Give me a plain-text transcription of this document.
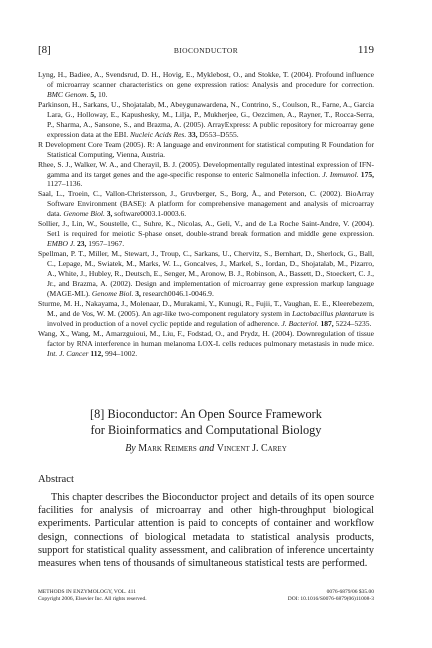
[8]	BIOCONDUCTOR	119

Lyng, H., Badiee, A., Svendsrud, D. H., Hovig, E., Myklebost, O., and Stokke, T. (2004). Profound influence of microarray scanner characteristics on gene expression ratios: Analysis and procedure for correction. BMC Genom. 5, 10.

Parkinson, H., Sarkans, U., Shojatalab, M., Abeygunawardena, N., Contrino, S., Coulson, R., Farne, A., Garcia Lara, G., Holloway, E., Kapushesky, M., Lilja, P., Mukherjee, G., Oezcimen, A., Rayner, T., Rocca-Serra, P., Sharma, A., Sansone, S., and Brazma, A. (2005). ArrayExpress: A public repository for microarray gene expression data at the EBI. Nucleic Acids Res. 33, D553–D555.

R Development Core Team (2005). R: A language and environment for statistical computing R Foundation for Statistical Computing, Vienna, Austria.

Rhee, S. J., Walker, W. A., and Cherayil, B. J. (2005). Developmentally regulated intestinal expression of IFN-gamma and its target genes and the age-specific response to enteric Salmonella infection. J. Immunol. 175, 1127–1136.

Saal, L., Troein, C., Vallon-Christersson, J., Gruvberger, S., Borg, Å., and Peterson, C. (2002). BioArray Software Environment (BASE): A platform for comprehensive management and analysis of microarray data. Genome Biol. 3, software0003.1-0003.6.

Sollier, J., Lin, W., Soustelle, C., Suhre, K., Nicolas, A., Geli, V., and de La Roche Saint-Andre, V. (2004). Set1 is required for meiotic S-phase onset, double-strand break formation and middle gene expression. EMBO J. 23, 1957–1967.

Spellman, P. T., Miller, M., Stewart, J., Troup, C., Sarkans, U., Chervitz, S., Bernhart, D., Sherlock, G., Ball, C., Lepage, M., Swiatek, M., Marks, W. L., Goncalves, J., Markel, S., Iordan, D., Shojatalab, M., Pizarro, A., White, J., Hubley, R., Deutsch, E., Senger, M., Aronow, B. J., Robinson, A., Bassett, D., Stoeckert, C. J., Jr., and Brazma, A. (2002). Design and implementation of microarray gene expression markup language (MAGE-ML). Genome Biol. 3, research0046.1-0046.9.

Sturme, M. H., Nakayama, J., Molenaar, D., Murakami, Y., Kunugi, R., Fujii, T., Vaughan, E. E., Kleerebezem, M., and de Vos, W. M. (2005). An agr-like two-component regulatory system in Lactobacillus plantarum is involved in production of a novel cyclic peptide and regulation of adherence. J. Bacteriol. 187, 5224–5235.

Wang, X., Wang, M., Amarzguioui, M., Liu, F., Fodstad, O., and Prydz, H. (2004). Downregulation of tissue factor by RNA interference in human melanoma LOX-L cells reduces pulmonary metastasis in nude mice. Int. J. Cancer 112, 994–1002.

[8] Bioconductor: An Open Source Framework
for Bioinformatics and Computational Biology
By Mark Reimers and Vincent J. Carey
Abstract

This chapter describes the Bioconductor project and details of its open source facilities for analysis of microarray and other high-throughput biological experiments. Particular attention is paid to concepts of container and workflow design, connections of biological metadata to statistical analysis products, support for statistical quality assessment, and calibration of inference uncertainty measures when tens of thousands of simultaneous statistical tests are performed.

METHODS IN ENZYMOLOGY, VOL. 411
Copyright 2006, Elsevier Inc. All rights reserved.
0076-6879/06 $35.00
DOI: 10.1016/S0076-6879(06)11008-3
